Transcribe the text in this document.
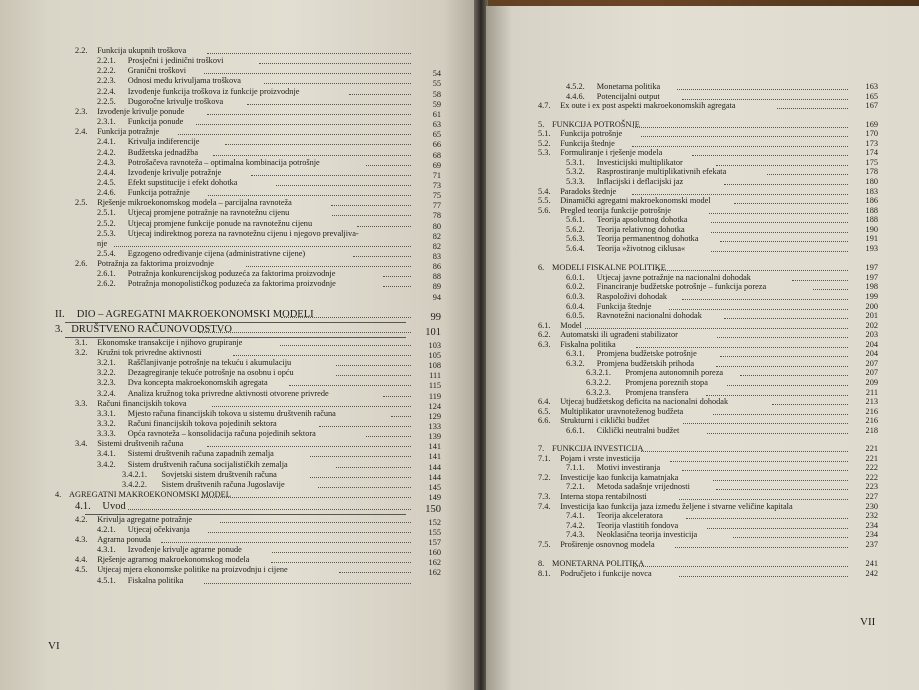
2.2. Funkcija ukupnih troškova
2.2.1. Prosječni i jedinični troškovi
2.2.2. Granični troškovi	54
2.2.3. Odnosi među krivuljama troškova	55
2.2.4. Izvođenje funkcija troškova iz funkcije proizvodnje	58
2.2.5. Dugoročne krivulje troškova	59
2.3. Izvođenje krivulje ponude	61
2.3.1. Funkcija ponude	63
2.4. Funkcija potražnje	65
2.4.1. Krivulja indiferencije	66
2.4.2. Budžetska jednadžba	68
2.4.3. Potrošačeva ravnoteža – optimalna kombinacija potrošnje	69
2.4.4. Izvođenje krivulje potražnje	71
2.4.5. Efekt supstitucije i efekt dohotka	73
2.4.6. Funkcija potražnje	75
2.5. Rješenje mikroekonomskog modela – parcijalna ravnoteža	77
2.5.1. Utjecaj promjene potražnje na ravnotežnu cijenu	78
2.5.2. Utjecaj promjene funkcije ponude na ravnotežnu cijenu	80
2.5.3. Utjecaj indirektnog poreza na ravnotežnu cijenu i njegovo prevaljiva-	82
nje	82
2.5.4. Egzogeno određivanje cijena (administrativne cijene)	83
2.6. Potražnja za faktorima proizvodnje	86
2.6.1. Potražnja konkurencijskog poduzeća za faktorima proizvodnje	88
2.6.2. Potražnja monopolističkog poduzeća za faktorima proizvodnje	89
94
II. DIO – AGREGATNI MAKROEKONOMSKI MODELI	99
3. DRUŠTVENO RAČUNOVODSTVO	101
3.1. Ekonomske transakcije i njihovo grupiranje	103
3.2. Kružni tok privredne aktivnosti	105
3.2.1. Raščlanjivanje potrošnje na tekuću i akumulaciju	108
3.2.2. Dezagregiranje tekuće potrošnje na osobnu i opću	111
3.2.3. Dva koncepta makroekonomskih agregata	115
3.2.4. Analiza kružnog toka privredne aktivnosti otvorene privrede	119
3.3. Računi financijskih tokova	124
3.3.1. Mjesto računa financijskih tokova u sistemu društvenih računa	129
3.3.2. Računi financijskih tokova pojedinih sektora	133
3.3.3. Opća ravnoteža – konsolidacija računa pojedinih sektora	139
3.4. Sistemi društvenih računa	141
3.4.1. Sistemi društvenih računa zapadnih zemalja	141
3.4.2. Sistem društvenih računa socijalističkih zemalja	144
3.4.2.1. Sovjetski sistem društvenih računa	144
3.4.2.2. Sistem društvenih računa Jugoslavije	145
4. AGREGATNI MAKROEKONOMSKI MODEL	149
4.1. Uvod	150
4.2. Krivulja agregatne potražnje	152
4.2.1. Utjecaj očekivanja	155
4.3. Agrarna ponuda	157
4.3.1. Izvođenje krivulje agrarne ponude	160
4.4. Rješenje agrarnog makroekonomskog modela	162
4.5. Utjecaj mjera ekonomske politike na proizvodnju i cijene	162
4.5.1. Fiskalna politika
VI
4.5.2. Monetarna politika	163
4.4.6. Potencijalni output	165
4.7. Ex oute i ex post aspekti makroekonomskih agregata	167
5. FUNKCIJA POTROŠNJE	169
5.1. Funkcija potrošnje	170
5.2. Funkcija štednje	173
5.3. Formuliranje i rješenje modela	174
5.3.1. Investicijski multiplikator	175
5.3.2. Rasprostiranje multiplikativnih efekata	178
5.3.3. Inflacijski i deflacijski jaz	180
5.4. Paradoks štednje	183
5.5. Dinamički agregatni makroekonomski model	186
5.6. Pregled teorija funkcije potrošnje	188
5.6.1. Teorija apsolutnog dohotka	188
5.6.2. Teorija relativnog dohotka	190
5.6.3. Teorija permanentnog dohotka	191
5.6.4. Teorija »životnog ciklusa«	193
6. MODELI FISKALNE POLITIKE	197
6.0.1. Utjecaj javne potražnje na nacionalni dohodak	197
6.0.2. Financiranje budžetske potrošnje – funkcija poreza	198
6.0.3. Raspoloživi dohodak	199
6.0.4. Funkcija štednje	200
6.0.5. Ravnotežni nacionalni dohodak	201
6.1. Model	202
6.2. Automatski ili ugrađeni stabilizator	203
6.3. Fiskalna politika	204
6.3.1. Promjena budžetske potrošnje	204
6.3.2. Promjena budžetskih prihoda	207
6.3.2.1. Promjena autonomnih poreza	207
6.3.2.2. Promjena poreznih stopa	209
6.3.2.3. Promjena transfera	211
6.4. Utjecaj budžetskog deficita na nacionalni dohodak	213
6.5. Multiplikator uravnoteženog budžeta	216
6.6. Strukturni i ciklički budžet	216
6.6.1. Ciklički neutralni budžet	218
7. FUNKCIJA INVESTICIJA	221
7.1. Pojam i vrste investicija	221
7.1.1. Motivi investiranja	222
7.2. Investicije kao funkcija kamatnjaka	222
7.2.1. Metoda sadašnje vrijednosti	223
7.3. Interna stopa rentabilnosti	227
7.4. Investicija kao funkcija jaza između željene i stvarne veličine kapitala	230
7.4.1. Teorija akceleratora	232
7.4.2. Teorija vlastitih fondova	234
7.4.3. Neoklasična teorija investicija	234
7.5. Proširenje osnovnog modela	237
8. MONETARNA POLITIKA	241
8.1. Područjeto i funkcije novca	242
VII
